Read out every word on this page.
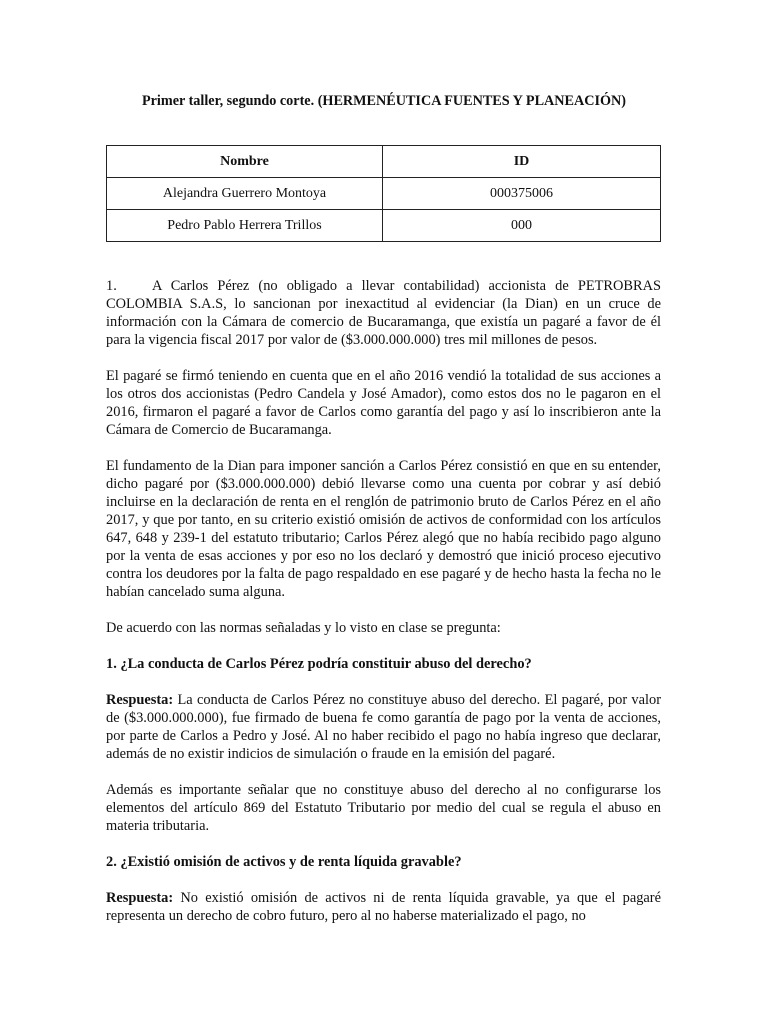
Primer taller, segundo corte. (HERMENÉUTICA FUENTES Y PLANEACIÓN)
Nombre	ID
Alejandra Guerrero Montoya	000375006
Pedro Pablo Herrera Trillos	000

1. A Carlos Pérez (no obligado a llevar contabilidad) accionista de PETROBRAS COLOMBIA S.A.S, lo sancionan por inexactitud al evidenciar (la Dian) en un cruce de información con la Cámara de comercio de Bucaramanga, que existía un pagaré a favor de él para la vigencia fiscal 2017 por valor de ($3.000.000.000) tres mil millones de pesos.

El pagaré se firmó teniendo en cuenta que en el año 2016 vendió la totalidad de sus acciones a los otros dos accionistas (Pedro Candela y José Amador), como estos dos no le pagaron en el 2016, firmaron el pagaré a favor de Carlos como garantía del pago y así lo inscribieron ante la Cámara de Comercio de Bucaramanga.

El fundamento de la Dian para imponer sanción a Carlos Pérez consistió en que en su entender, dicho pagaré por ($3.000.000.000) debió llevarse como una cuenta por cobrar y así debió incluirse en la declaración de renta en el renglón de patrimonio bruto de Carlos Pérez en el año 2017, y que por tanto, en su criterio existió omisión de activos de conformidad con los artículos 647, 648 y 239-1 del estatuto tributario; Carlos Pérez alegó que no había recibido pago alguno por la venta de esas acciones y por eso no los declaró y demostró que inició proceso ejecutivo contra los deudores por la falta de pago respaldado en ese pagaré y de hecho hasta la fecha no le habían cancelado suma alguna.

De acuerdo con las normas señaladas y lo visto en clase se pregunta:

1. ¿La conducta de Carlos Pérez podría constituir abuso del derecho?

Respuesta: La conducta de Carlos Pérez no constituye abuso del derecho. El pagaré, por valor de ($3.000.000.000), fue firmado de buena fe como garantía de pago por la venta de acciones, por parte de Carlos a Pedro y José. Al no haber recibido el pago no había ingreso que declarar, además de no existir indicios de simulación o fraude en la emisión del pagaré.

Además es importante señalar que no constituye abuso del derecho al no configurarse los elementos del artículo 869 del Estatuto Tributario por medio del cual se regula el abuso en materia tributaria.

2. ¿Existió omisión de activos y de renta líquida gravable?

Respuesta: No existió omisión de activos ni de renta líquida gravable, ya que el pagaré representa un derecho de cobro futuro, pero al no haberse materializado el pago, no
